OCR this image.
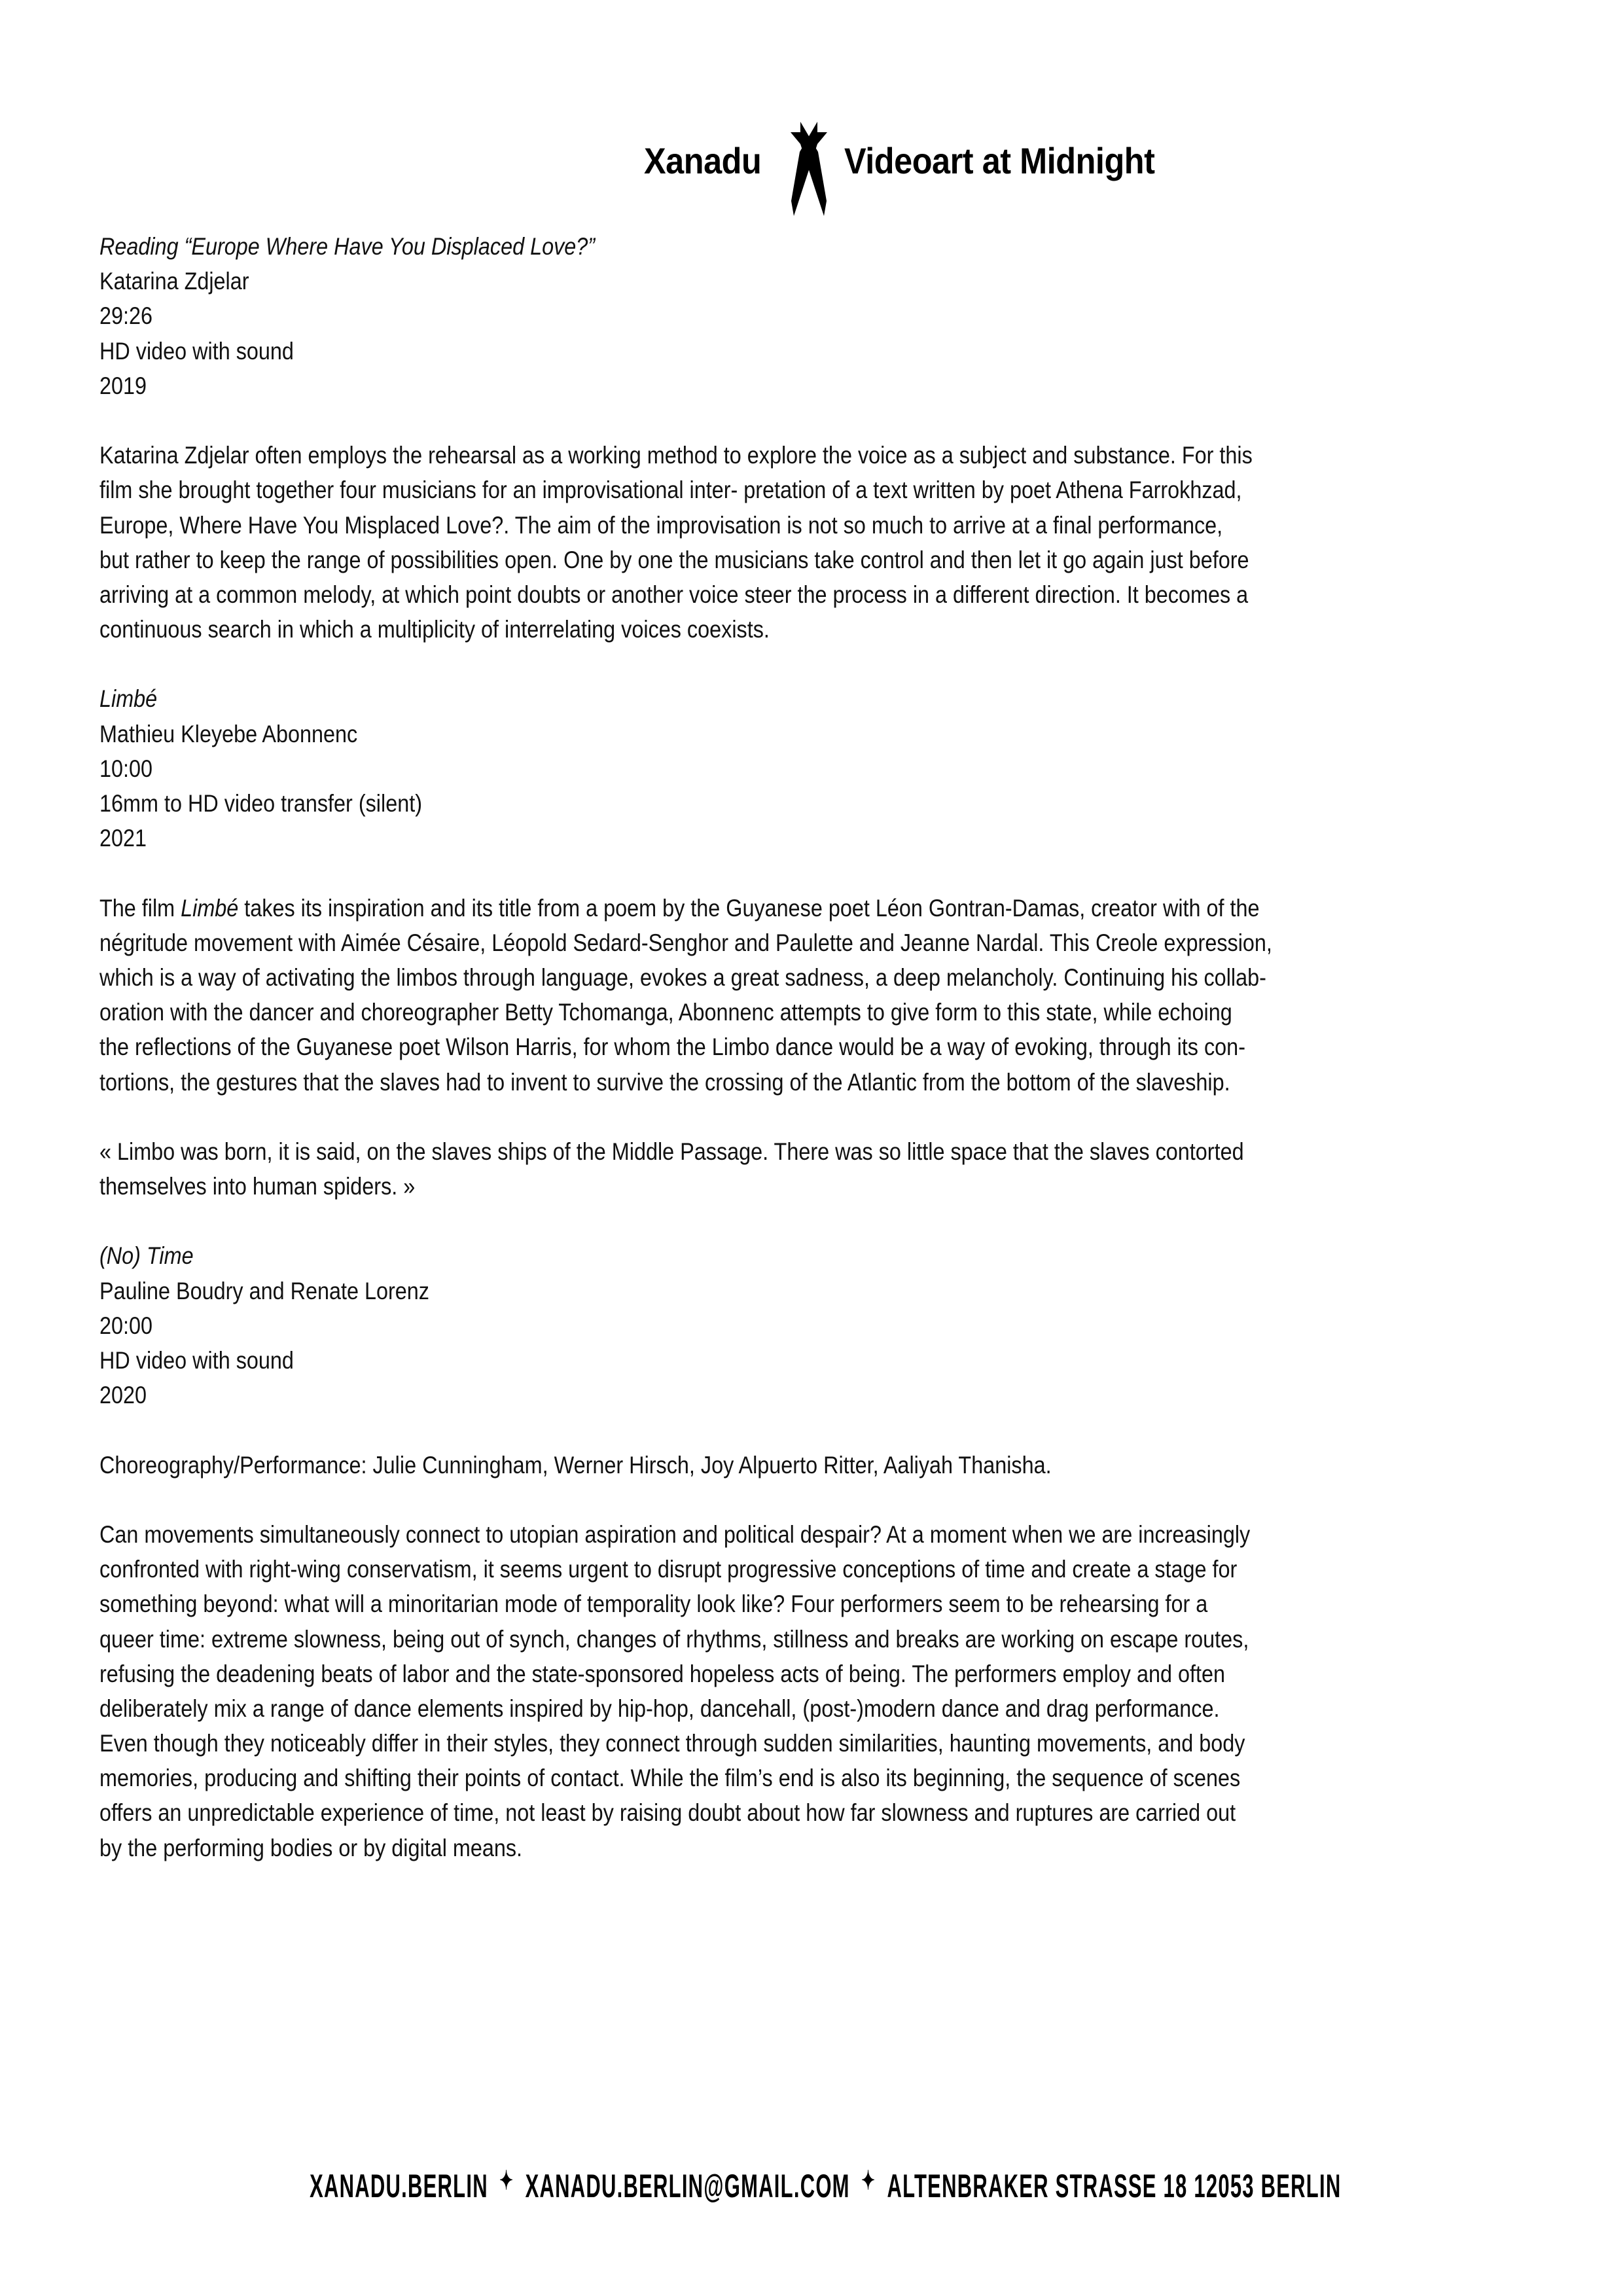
Xanadu Videoart at Midnight
Reading “Europe Where Have You Displaced Love?”
Katarina Zdjelar
29:26
HD video with sound
2019
Katarina Zdjelar often employs the rehearsal as a working method to explore the voice as a subject and substance. For this
film she brought together four musicians for an improvisational inter- pretation of a text written by poet Athena Farrokhzad,
Europe, Where Have You Misplaced Love?. The aim of the improvisation is not so much to arrive at a final performance,
but rather to keep the range of possibilities open. One by one the musicians take control and then let it go again just before
arriving at a common melody, at which point doubts or another voice steer the process in a different direction. It becomes a
continuous search in which a multiplicity of interrelating voices coexists.
Limbé
Mathieu Kleyebe Abonnenc
10:00
16mm to HD video transfer (silent)
2021
The film Limbé takes its inspiration and its title from a poem by the Guyanese poet Léon Gontran-Damas, creator with of the
négritude movement with Aimée Césaire, Léopold Sedard-Senghor and Paulette and Jeanne Nardal. This Creole expression,
which is a way of activating the limbos through language, evokes a great sadness, a deep melancholy. Continuing his collab-
oration with the dancer and choreographer Betty Tchomanga, Abonnenc attempts to give form to this state, while echoing
the reflections of the Guyanese poet Wilson Harris, for whom the Limbo dance would be a way of evoking, through its con-
tortions, the gestures that the slaves had to invent to survive the crossing of the Atlantic from the bottom of the slaveship.
« Limbo was born, it is said, on the slaves ships of the Middle Passage. There was so little space that the slaves contorted
themselves into human spiders. »
(No) Time
Pauline Boudry and Renate Lorenz
20:00
HD video with sound
2020
Choreography/Performance: Julie Cunningham, Werner Hirsch, Joy Alpuerto Ritter, Aaliyah Thanisha.
Can movements simultaneously connect to utopian aspiration and political despair? At a moment when we are increasingly
confronted with right-wing conservatism, it seems urgent to disrupt progressive conceptions of time and create a stage for
something beyond: what will a minoritarian mode of temporality look like? Four performers seem to be rehearsing for a
queer time: extreme slowness, being out of synch, changes of rhythms, stillness and breaks are working on escape routes,
refusing the deadening beats of labor and the state-sponsored hopeless acts of being. The performers employ and often
deliberately mix a range of dance elements inspired by hip-hop, dancehall, (post-)modern dance and drag performance.
Even though they noticeably differ in their styles, they connect through sudden similarities, haunting movements, and body
memories, producing and shifting their points of contact. While the film’s end is also its beginning, the sequence of scenes
offers an unpredictable experience of time, not least by raising doubt about how far slowness and ruptures are carried out
by the performing bodies or by digital means.
XANADU.BERLIN ✦ XANADU.BERLIN@GMAIL.COM ✦ ALTENBRAKER STRASSE 18 12053 BERLIN
